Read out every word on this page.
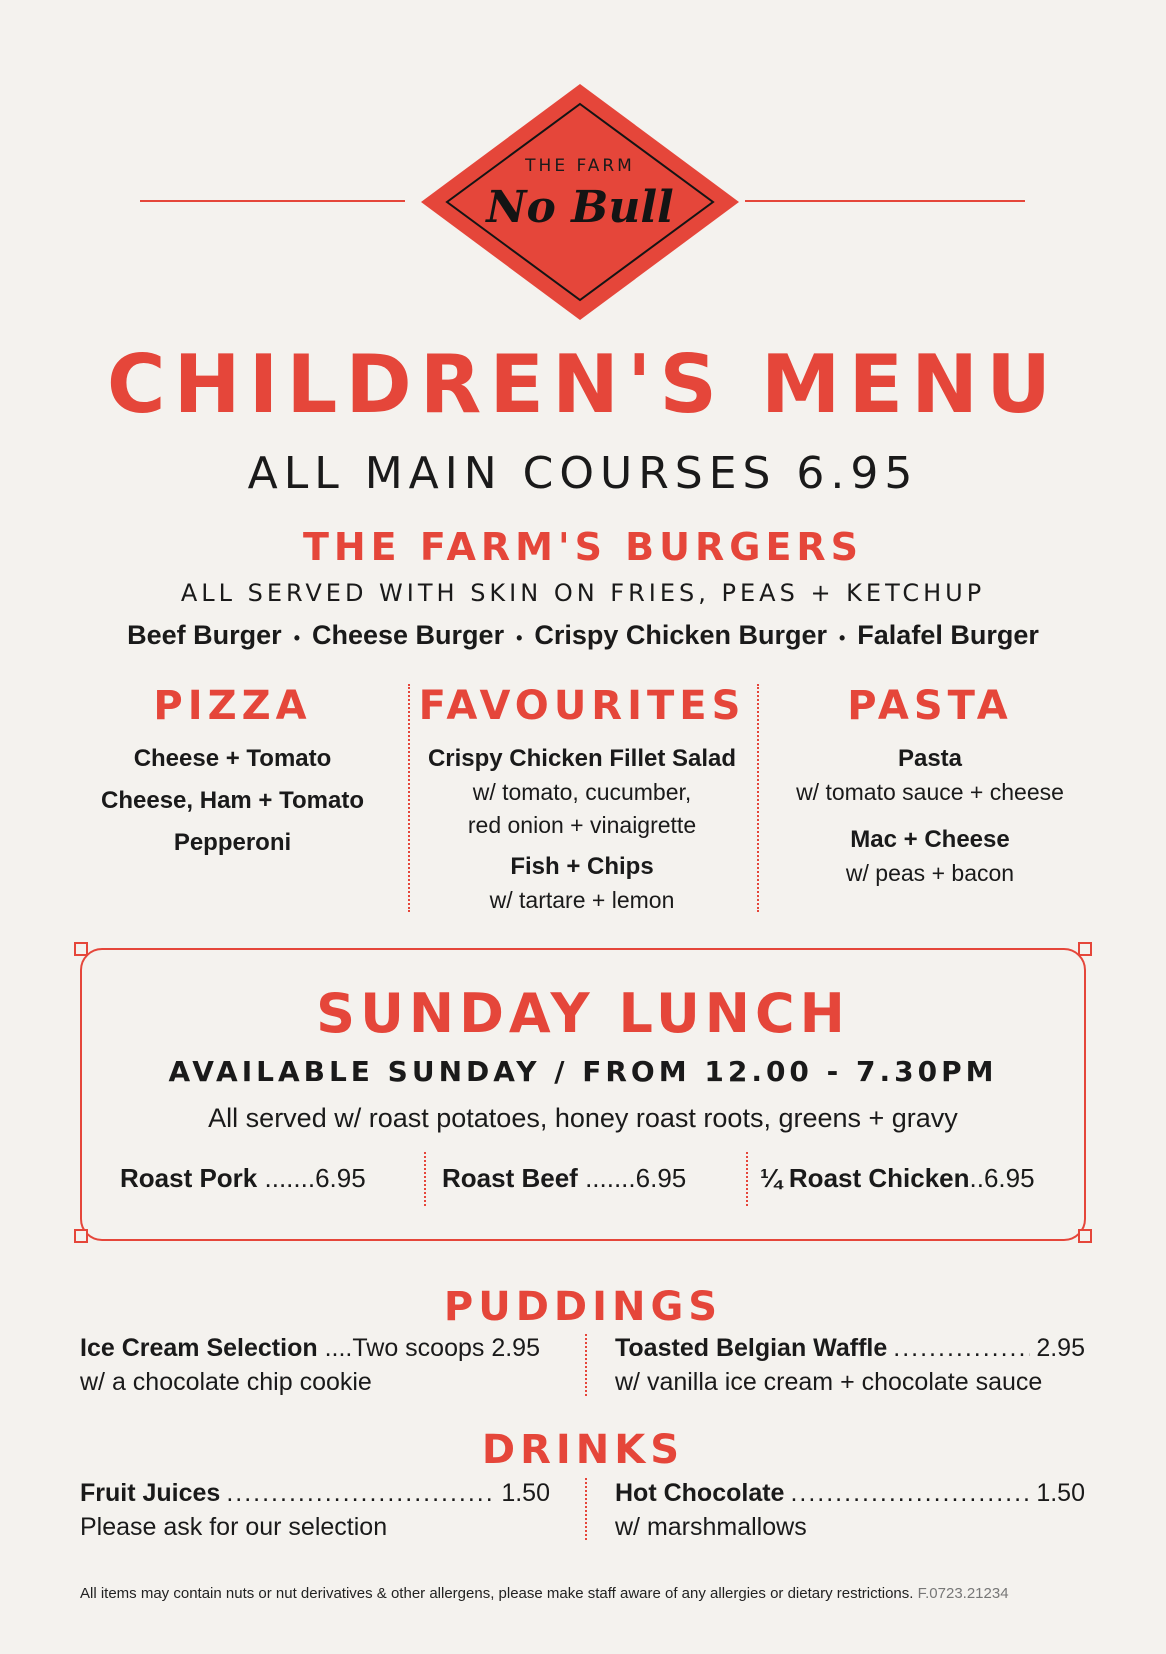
THE FARM
No Bull
CHILDREN'S MENU
ALL MAIN COURSES 6.95
THE FARM'S BURGERS
ALL SERVED WITH SKIN ON FRIES, PEAS + KETCHUP
Beef Burger • Cheese Burger • Crispy Chicken Burger • Falafel Burger
PIZZA
Cheese + Tomato
Cheese, Ham + Tomato
Pepperoni
FAVOURITES
Crispy Chicken Fillet Salad
w/ tomato, cucumber,
red onion + vinaigrette
Fish + Chips
w/ tartare + lemon
PASTA
Pasta
w/ tomato sauce + cheese
Mac + Cheese
w/ peas + bacon
SUNDAY LUNCH
AVAILABLE SUNDAY / FROM 12.00 - 7.30PM
All served w/ roast potatoes, honey roast roots, greens + gravy
Roast Pork .......6.95	Roast Beef .......6.95	¼ Roast Chicken..6.95
PUDDINGS
Ice Cream Selection ....Two scoops 2.95
w/ a chocolate chip cookie
Toasted Belgian Waffle .....	2.95
w/ vanilla ice cream + chocolate sauce
DRINKS
Fruit Juices .....	1.50
Please ask for our selection
Hot Chocolate .....	1.50
w/ marshmallows
All items may contain nuts or nut derivatives & other allergens, please make staff aware of any allergies or dietary restrictions. F.0723.21234
